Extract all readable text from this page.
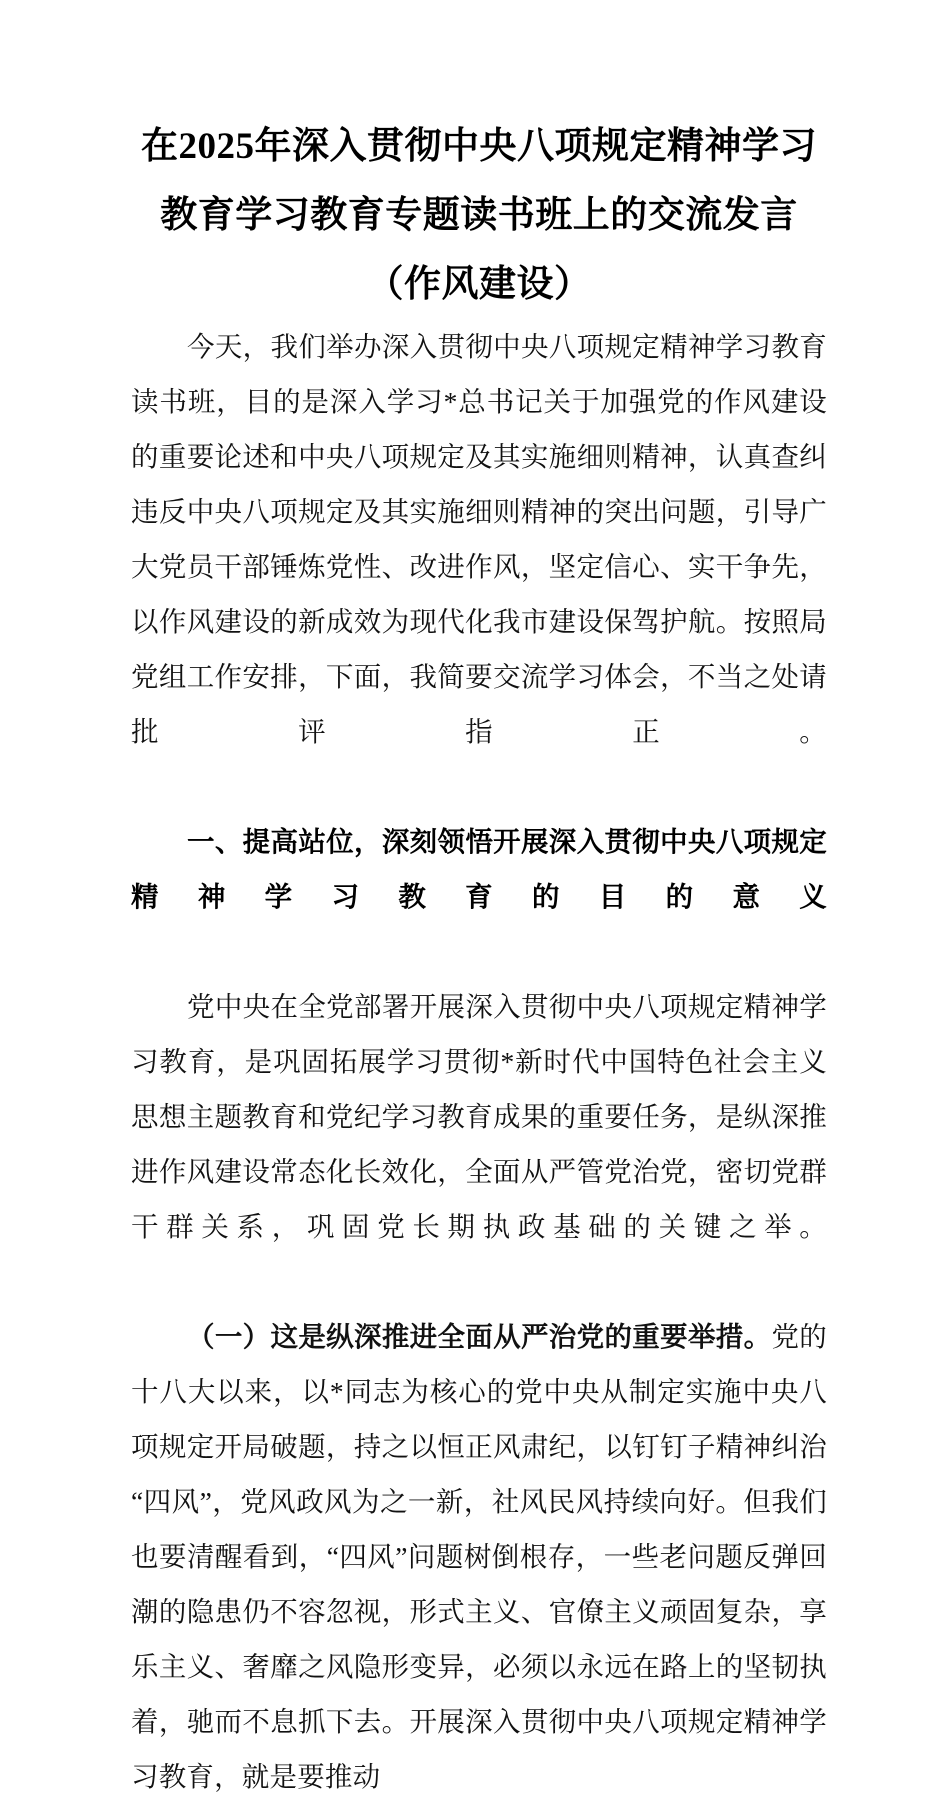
在2025年深入贯彻中央八项规定精神学习教育学习教育专题读书班上的交流发言（作风建设）

今天，我们举办深入贯彻中央八项规定精神学习教育读书班，目的是深入学习*总书记关于加强党的作风建设的重要论述和中央八项规定及其实施细则精神，认真查纠违反中央八项规定及其实施细则精神的突出问题，引导广大党员干部锤炼党性、改进作风，坚定信心、实干争先，以作风建设的新成效为现代化我市建设保驾护航。按照局党组工作安排，下面，我简要交流学习体会，不当之处请批评指正。

一、提高站位，深刻领悟开展深入贯彻中央八项规定精神学习教育的目的意义

党中央在全党部署开展深入贯彻中央八项规定精神学习教育，是巩固拓展学习贯彻*新时代中国特色社会主义思想主题教育和党纪学习教育成果的重要任务，是纵深推进作风建设常态化长效化，全面从严管党治党，密切党群干群关系，巩固党长期执政基础的关键之举。

（一）这是纵深推进全面从严治党的重要举措。党的十八大以来，以*同志为核心的党中央从制定实施中央八项规定开局破题，持之以恒正风肃纪，以钉钉子精神纠治“四风”，党风政风为之一新，社风民风持续向好。但我们也要清醒看到，“四风”问题树倒根存，一些老问题反弹回潮的隐患仍不容忽视，形式主义、官僚主义顽固复杂，享乐主义、奢靡之风隐形变异，必须以永远在路上的坚韧执着，驰而不息抓下去。开展深入贯彻中央八项规定精神学习教育，就是要推动
